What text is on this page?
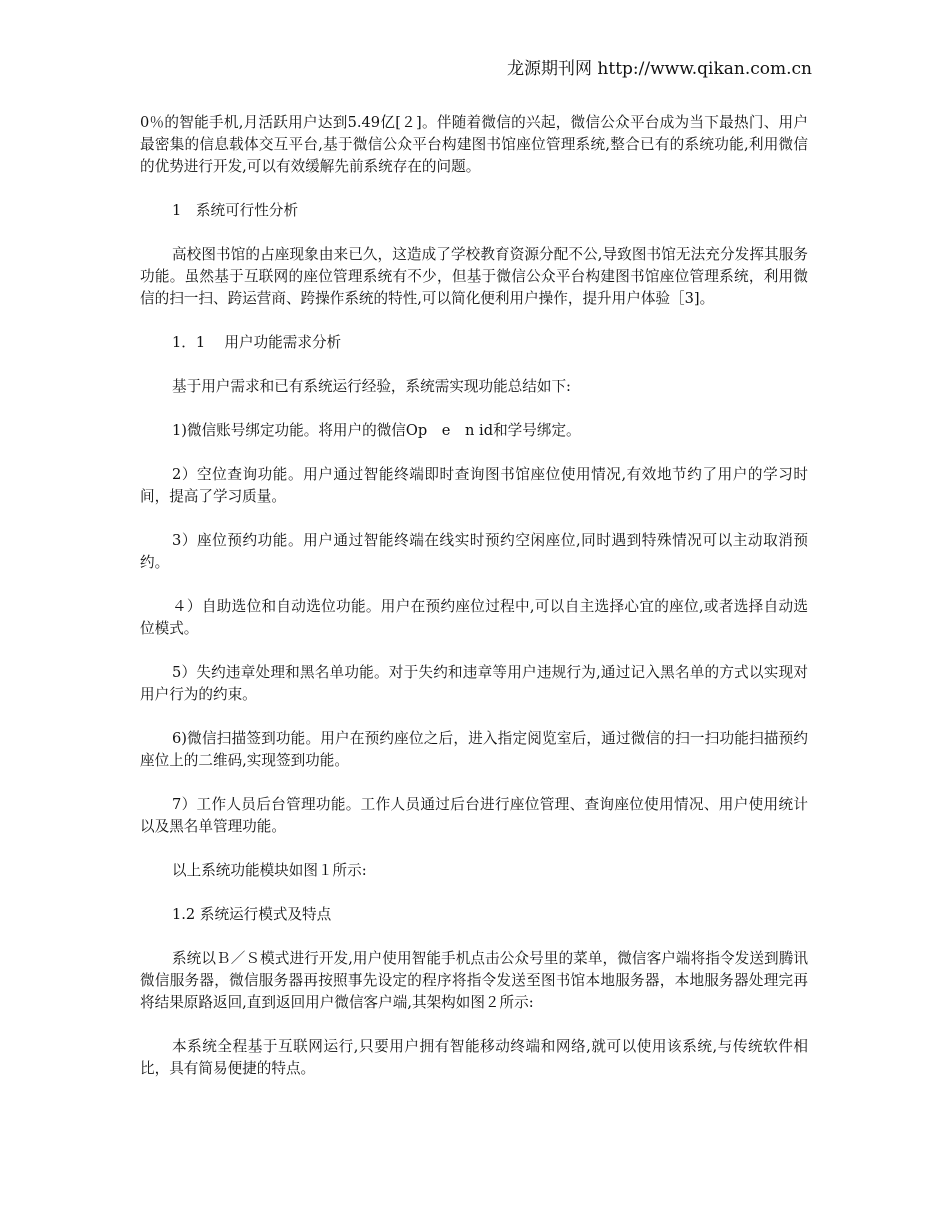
龙源期刊网 http://www.qikan.com.cn

0％的智能手机,月活跃用户达到5.49亿[２]。伴随着微信的兴起，微信公众平台成为当下最热门、用户最密集的信息载体交互平台,基于微信公众平台构建图书馆座位管理系统,整合已有的系统功能,利用微信的优势进行开发,可以有效缓解先前系统存在的问题。

1　系统可行性分析

高校图书馆的占座现象由来已久，这造成了学校教育资源分配不公,导致图书馆无法充分发挥其服务功能。虽然基于互联网的座位管理系统有不少，但基于微信公众平台构建图书馆座位管理系统，利用微信的扫一扫、跨运营商、跨操作系统的特性,可以简化便利用户操作，提升用户体验［3]。

1．1　 用户功能需求分析

基于用户需求和已有系统运行经验，系统需实现功能总结如下:

1)微信账号绑定功能。将用户的微信Op　e　n id和学号绑定。

2）空位查询功能。用户通过智能终端即时查询图书馆座位使用情况,有效地节约了用户的学习时间，提高了学习质量。

3）座位预约功能。用户通过智能终端在线实时预约空闲座位,同时遇到特殊情况可以主动取消预约。

４）自助选位和自动选位功能。用户在预约座位过程中,可以自主选择心宜的座位,或者选择自动选位模式。

5）失约违章处理和黑名单功能。对于失约和违章等用户违规行为,通过记入黑名单的方式以实现对用户行为的约束。

6)微信扫描签到功能。用户在预约座位之后，进入指定阅览室后，通过微信的扫一扫功能扫描预约座位上的二维码,实现签到功能。

7）工作人员后台管理功能。工作人员通过后台进行座位管理、查询座位使用情况、用户使用统计以及黑名单管理功能。

以上系统功能模块如图１所示:

1.2 系统运行模式及特点

系统以Ｂ／Ｓ模式进行开发,用户使用智能手机点击公众号里的菜单，微信客户端将指令发送到腾讯微信服务器，微信服务器再按照事先设定的程序将指令发送至图书馆本地服务器，本地服务器处理完再将结果原路返回,直到返回用户微信客户端,其架构如图２所示:

本系统全程基于互联网运行,只要用户拥有智能移动终端和网络,就可以使用该系统,与传统软件相比，具有简易便捷的特点。
